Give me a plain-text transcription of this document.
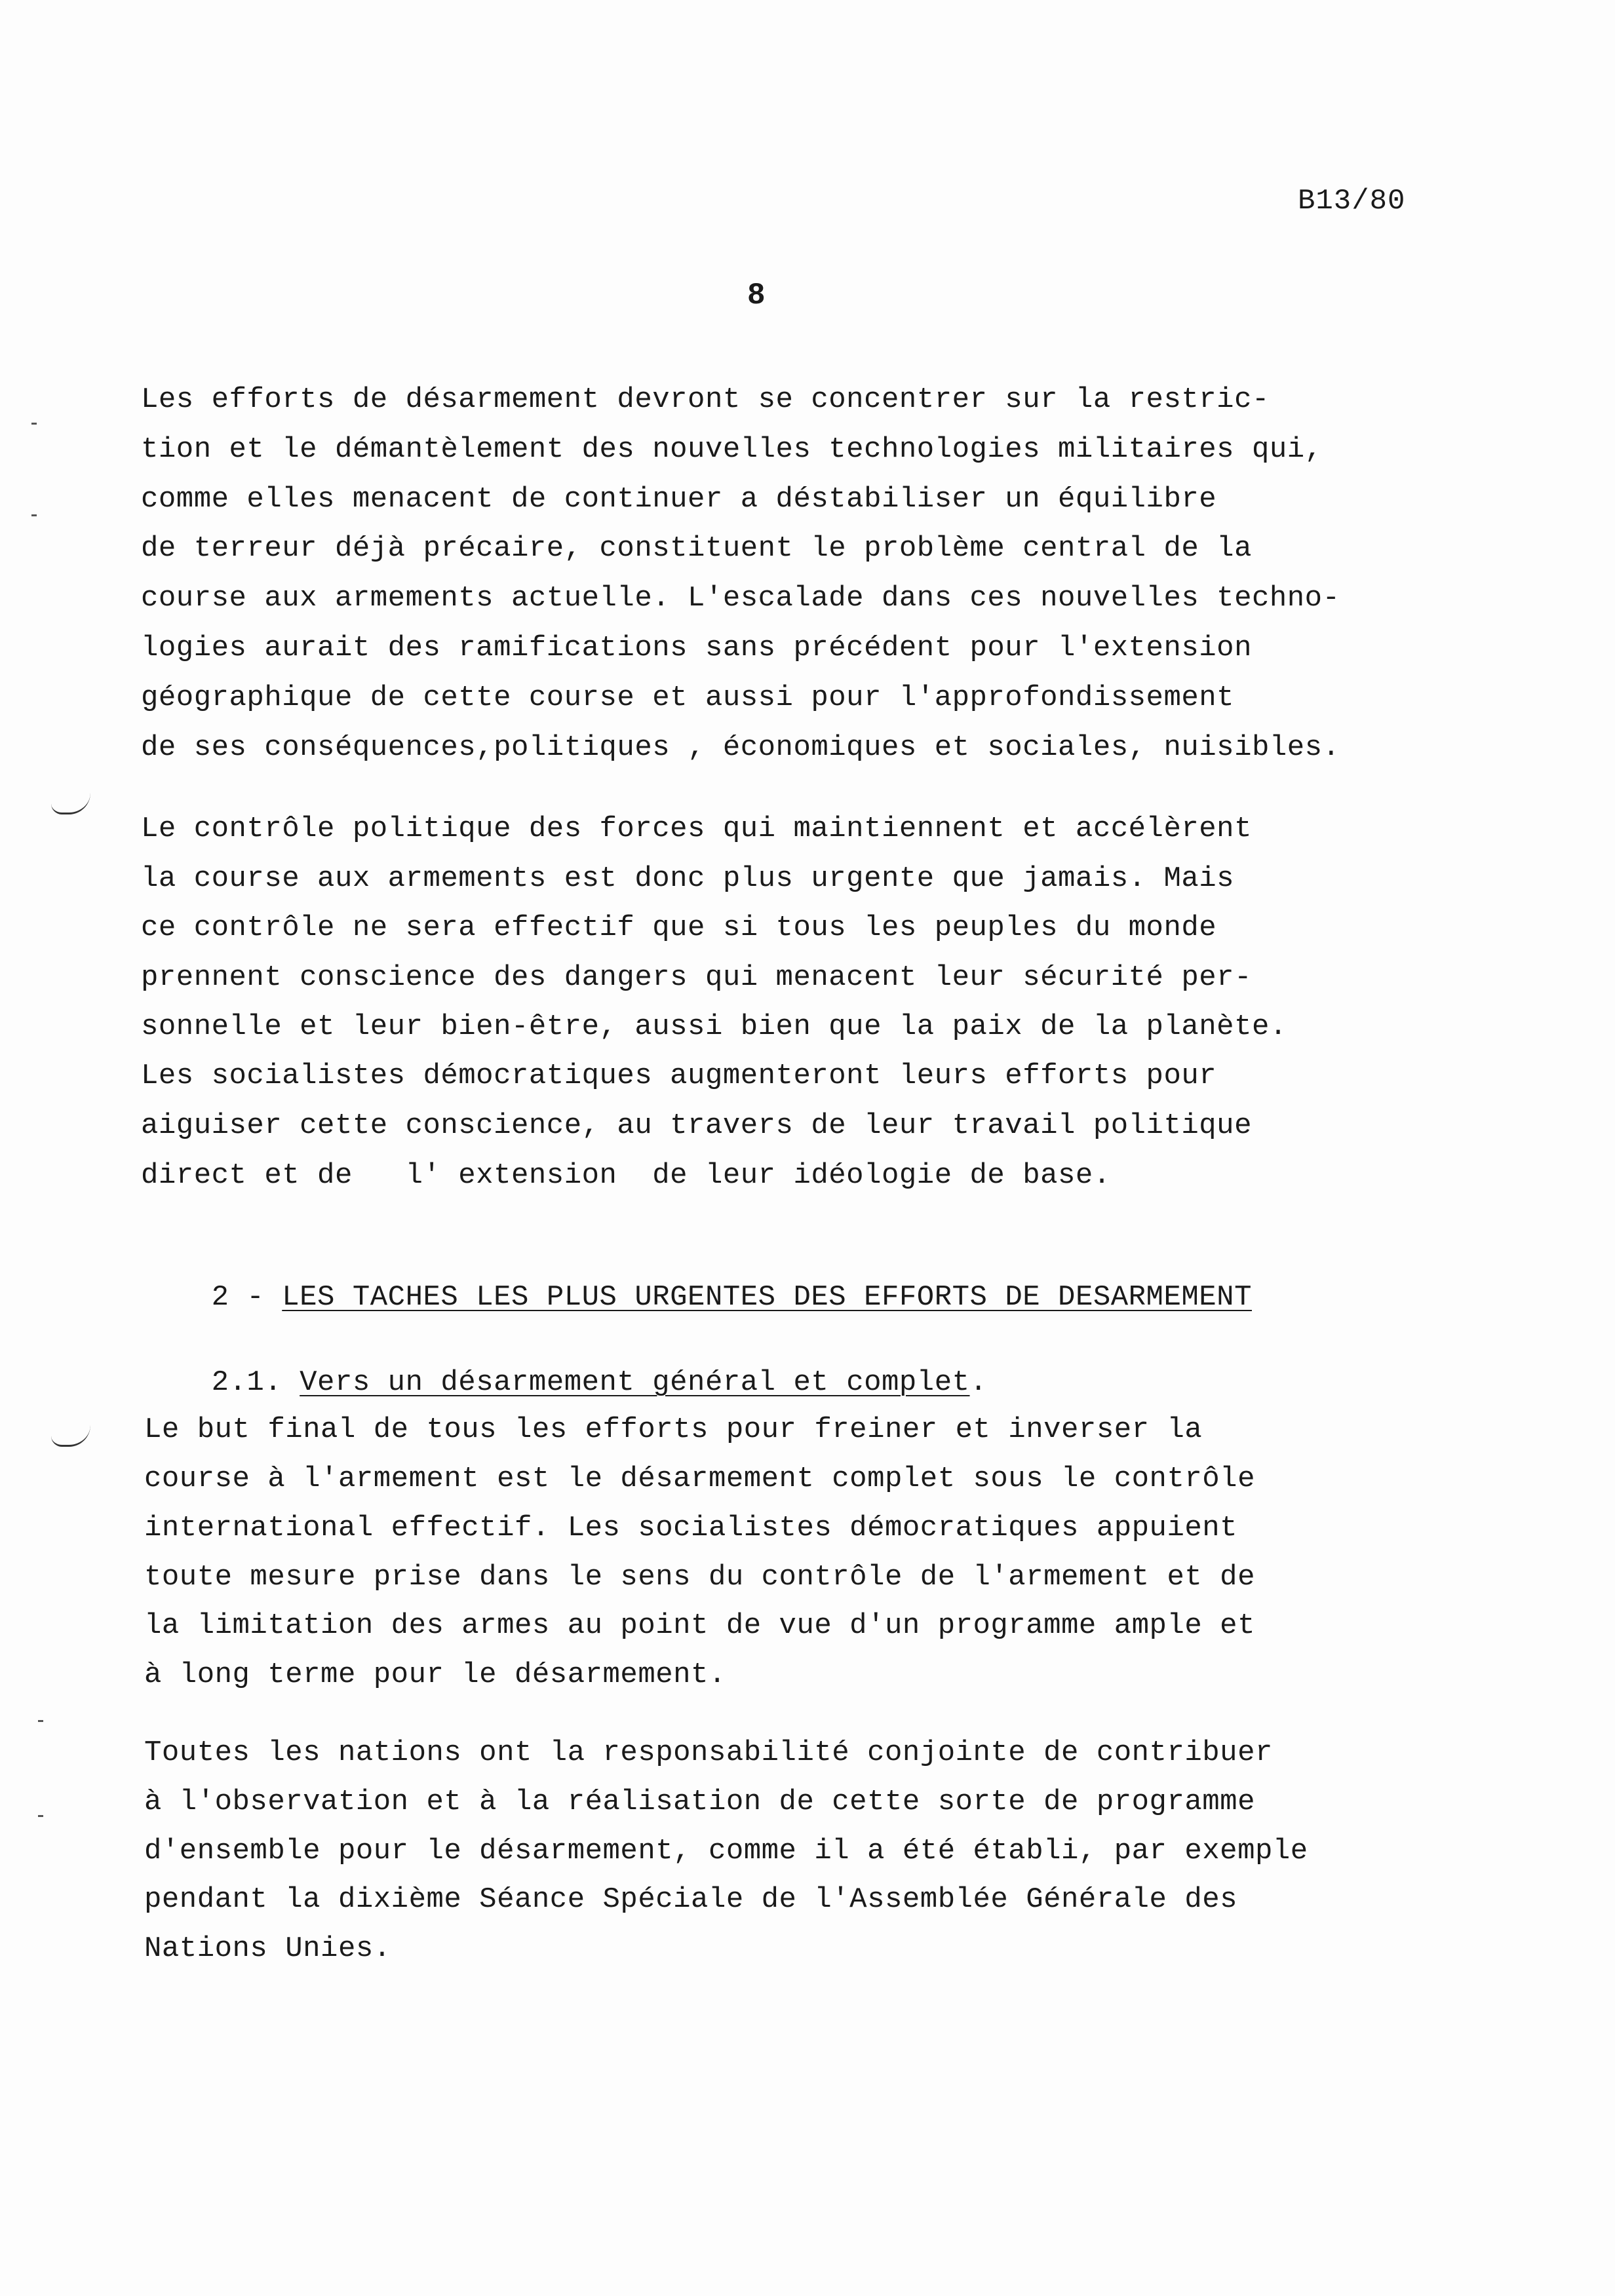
B13/80
8
Les efforts de désarmement devront se concentrer sur la restric-
tion et le démantèlement des nouvelles technologies militaires qui,
comme elles menacent de continuer a déstabiliser un équilibre
de terreur déjà précaire, constituent le problème central de la
course aux armements actuelle. L'escalade dans ces nouvelles techno-
logies aurait des ramifications sans précédent pour l'extension
géographique de cette course et aussi pour l'approfondissement
de ses conséquences,politiques , économiques et sociales, nuisibles.
Le contrôle politique des forces qui maintiennent et accélèrent
la course aux armements est donc plus urgente que jamais. Mais
ce contrôle ne sera effectif que si tous les peuples du monde
prennent conscience des dangers qui menacent leur sécurité per-
sonnelle et leur bien-être, aussi bien que la paix de la planète.
Les socialistes démocratiques augmenteront leurs efforts pour
aiguiser cette conscience, au travers de leur travail politique
direct et de   l' extension  de leur idéologie de base.

2 - LES TACHES LES PLUS URGENTES DES EFFORTS DE DESARMEMENT

2.1. Vers un désarmement général et complet.

Le but final de tous les efforts pour freiner et inverser la
course à l'armement est le désarmement complet sous le contrôle
international effectif. Les socialistes démocratiques appuient
toute mesure prise dans le sens du contrôle de l'armement et de
la limitation des armes au point de vue d'un programme ample et
à long terme pour le désarmement.
Toutes les nations ont la responsabilité conjointe de contribuer
à l'observation et à la réalisation de cette sorte de programme
d'ensemble pour le désarmement, comme il a été établi, par exemple
pendant la dixième Séance Spéciale de l'Assemblée Générale des
Nations Unies.
